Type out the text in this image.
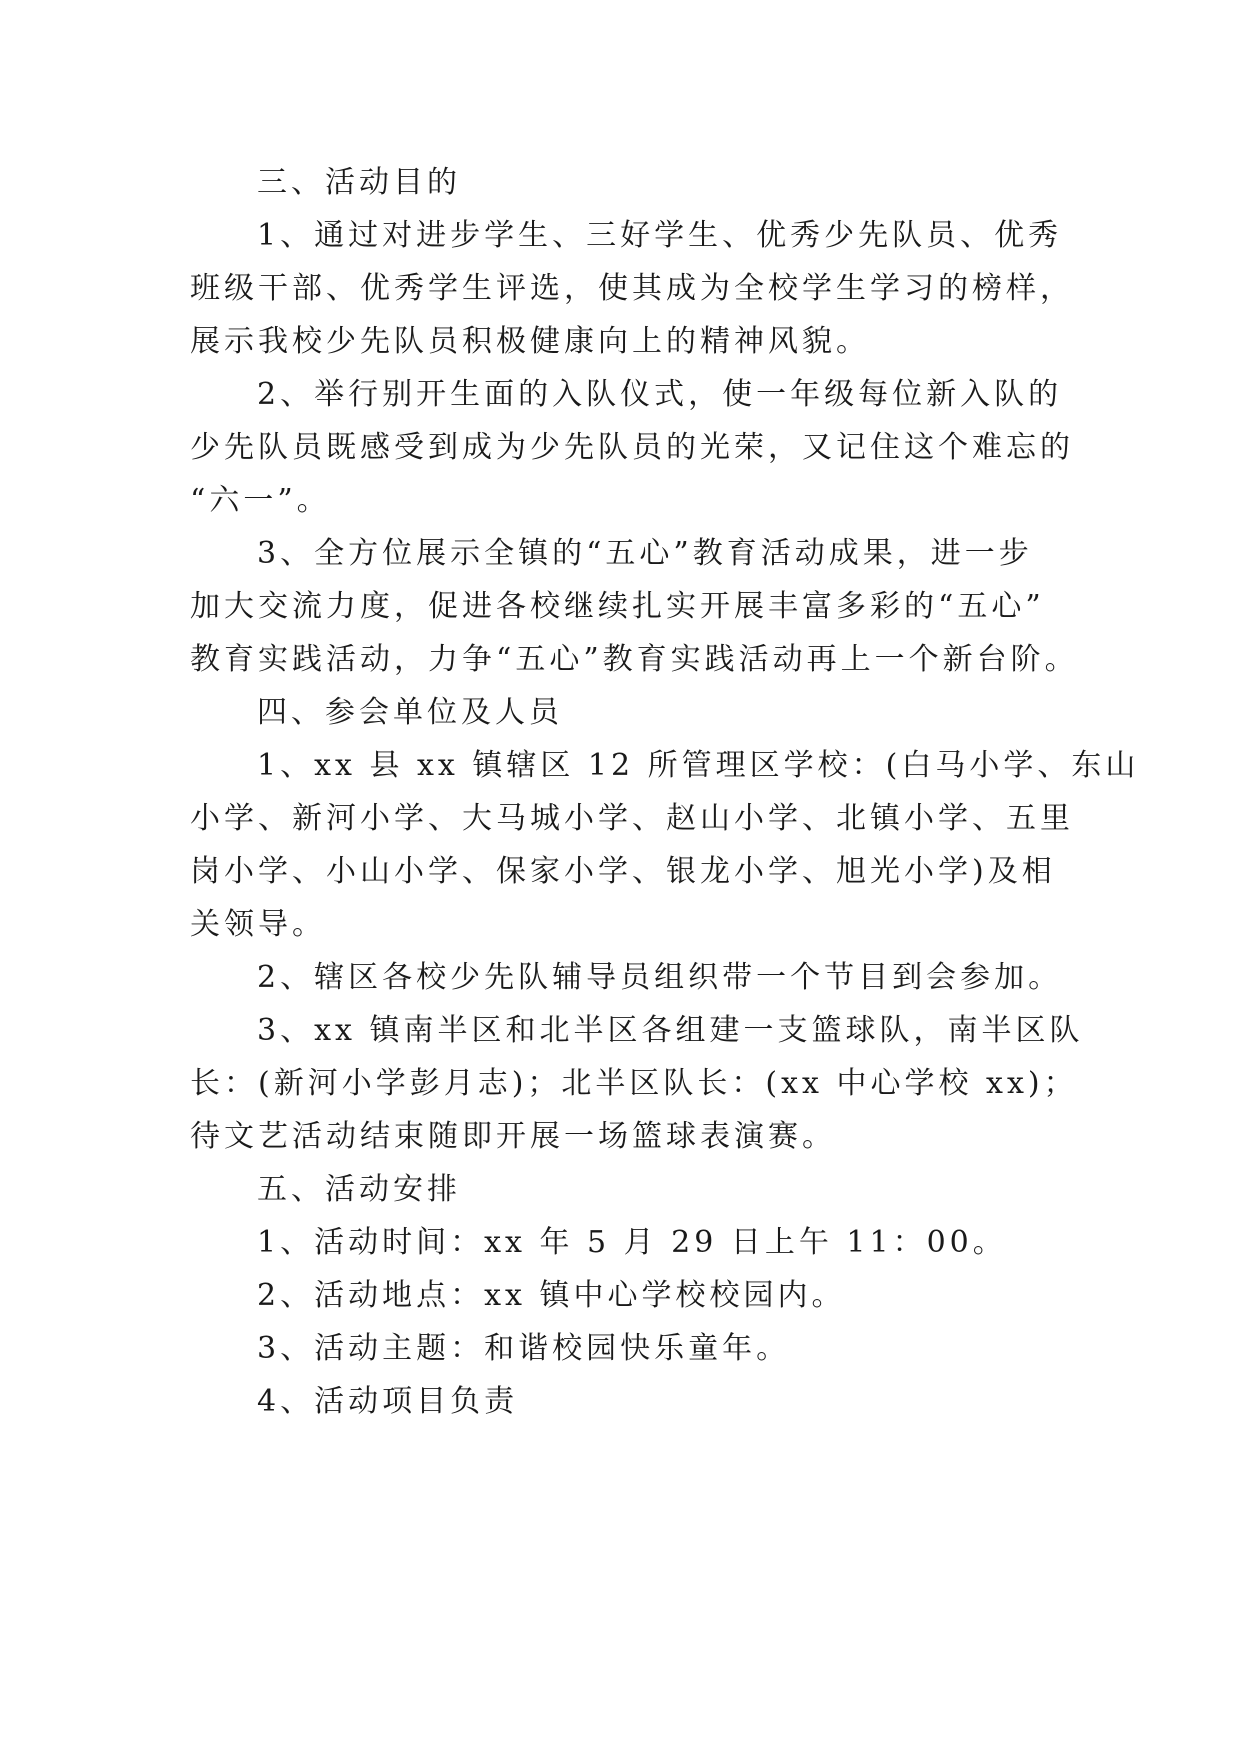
三、活动目的
1、通过对进步学生、三好学生、优秀少先队员、优秀
班级干部、优秀学生评选，使其成为全校学生学习的榜样，
展示我校少先队员积极健康向上的精神风貌。
2、举行别开生面的入队仪式，使一年级每位新入队的
少先队员既感受到成为少先队员的光荣，又记住这个难忘的
“六一”。
3、全方位展示全镇的“五心”教育活动成果，进一步
加大交流力度，促进各校继续扎实开展丰富多彩的“五心”
教育实践活动，力争“五心”教育实践活动再上一个新台阶。
四、参会单位及人员
1、xx 县 xx 镇辖区 12 所管理区学校：(白马小学、东山
小学、新河小学、大马城小学、赵山小学、北镇小学、五里
岗小学、小山小学、保家小学、银龙小学、旭光小学)及相
关领导。
2、辖区各校少先队辅导员组织带一个节目到会参加。
3、xx 镇南半区和北半区各组建一支篮球队，南半区队
长：(新河小学彭月志)；北半区队长：(xx 中心学校 xx)；
待文艺活动结束随即开展一场篮球表演赛。
五、活动安排
1、活动时间：xx 年 5 月 29 日上午 11：00。
2、活动地点：xx 镇中心学校校园内。
3、活动主题：和谐校园快乐童年。
4、活动项目负责
